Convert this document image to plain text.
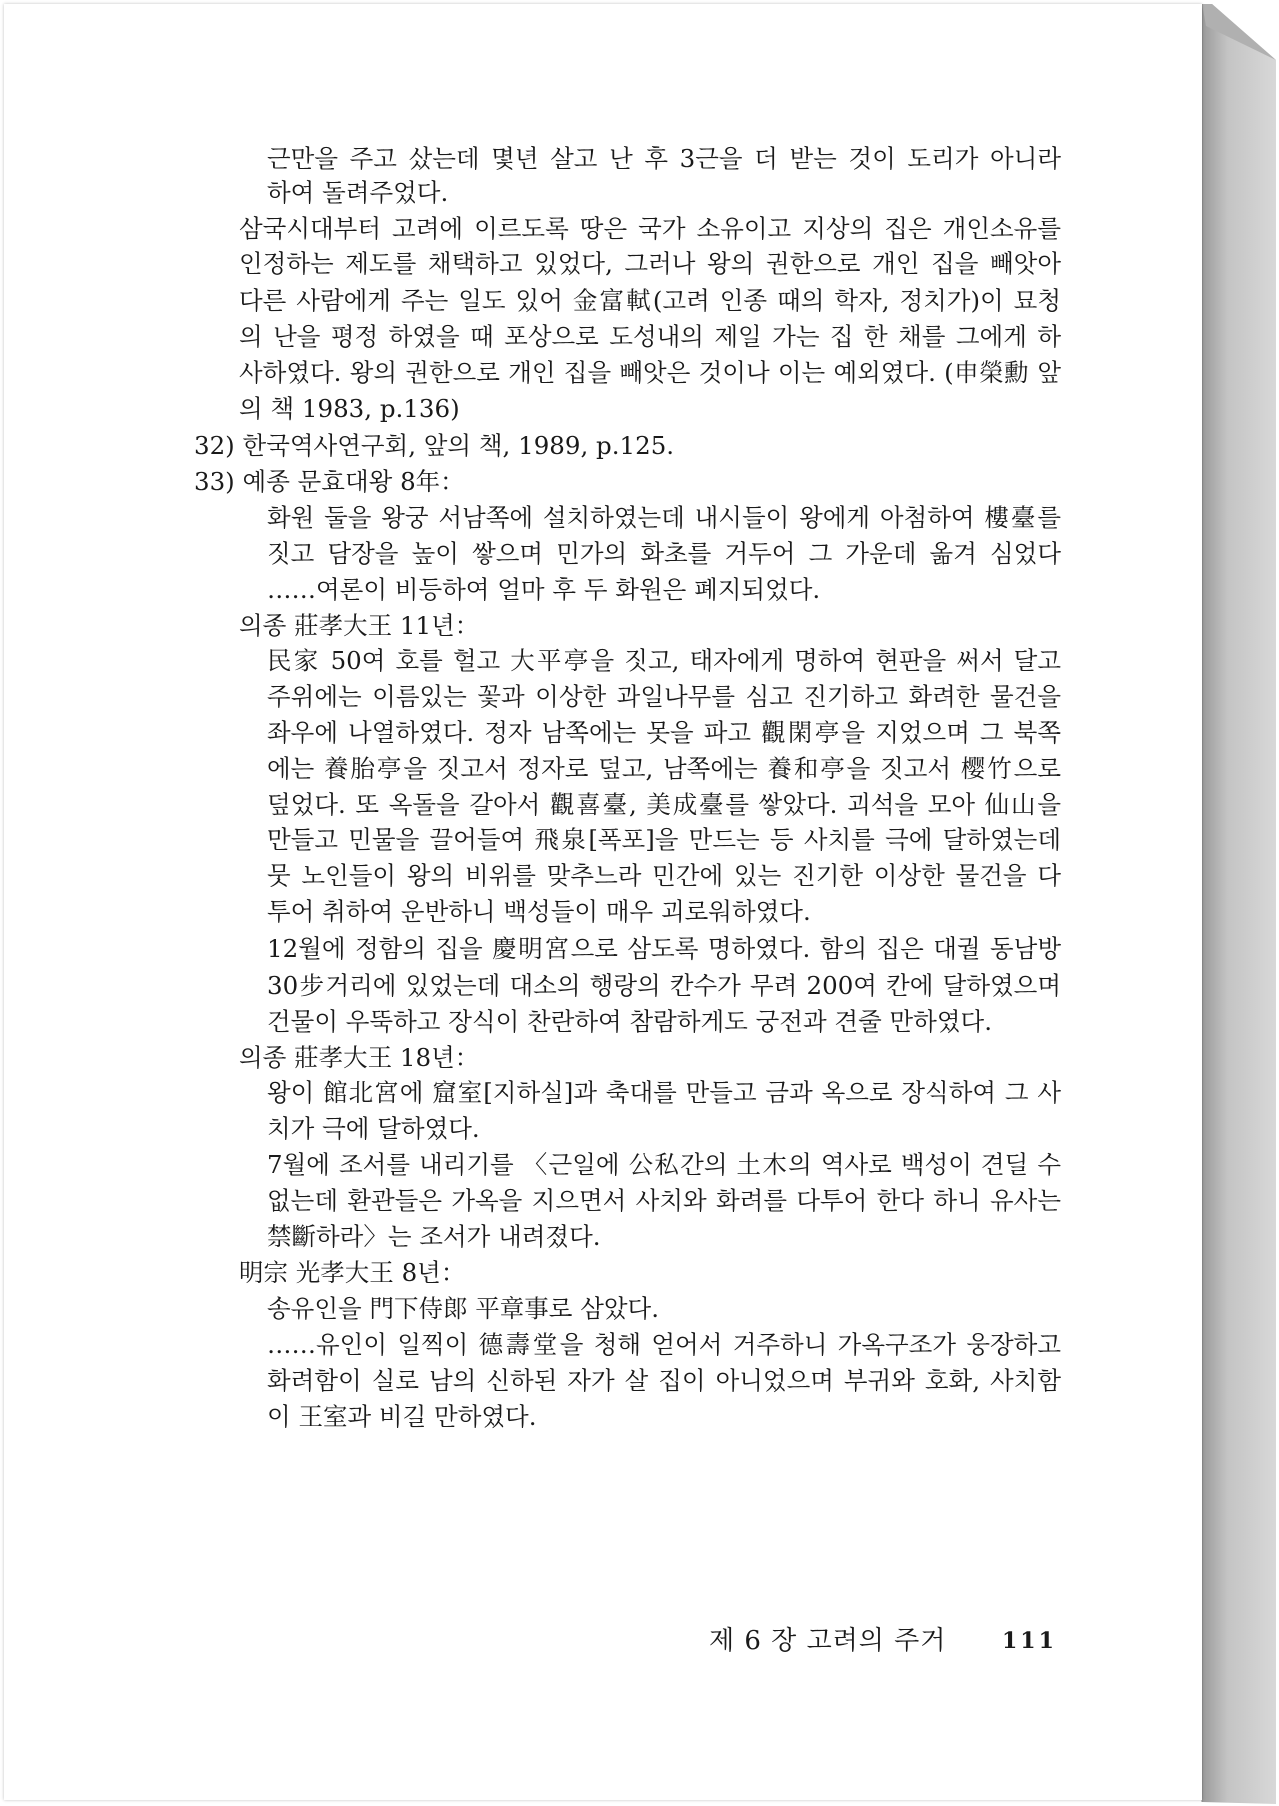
근만을 주고 샀는데 몇년 살고 난 후 3근을 더 받는 것이 도리가 아니라
하여 돌려주었다.
삼국시대부터 고려에 이르도록 땅은 국가 소유이고 지상의 집은 개인소유를
인정하는 제도를 채택하고 있었다, 그러나 왕의 권한으로 개인 집을 빼앗아
다른 사람에게 주는 일도 있어 金富軾(고려 인종 때의 학자, 정치가)이 묘청
의 난을 평정 하였을 때 포상으로 도성내의 제일 가는 집 한 채를 그에게 하
사하였다. 왕의 권한으로 개인 집을 빼앗은 것이나 이는 예외였다. (申榮勳 앞
의 책 1983, p.136)
32) 한국역사연구회, 앞의 책, 1989, p.125.
33) 예종 문효대왕 8年：
화원 둘을 왕궁 서남쪽에 설치하였는데 내시들이 왕에게 아첨하여 樓臺를
짓고 담장을 높이 쌓으며 민가의 화초를 거두어 그 가운데 옮겨 심었다
……여론이 비등하여 얼마 후 두 화원은 폐지되었다.
의종 莊孝大王 11년：
民家 50여 호를 헐고 大平亭을 짓고, 태자에게 명하여 현판을 써서 달고
주위에는 이름있는 꽃과 이상한 과일나무를 심고 진기하고 화려한 물건을
좌우에 나열하였다. 정자 남쪽에는 못을 파고 觀閑亭을 지었으며 그 북쪽
에는 養胎亭을 짓고서 정자로 덮고, 남쪽에는 養和亭을 짓고서 樱竹으로
덮었다. 또 옥돌을 갈아서 觀喜臺, 美成臺를 쌓았다. 괴석을 모아 仙山을
만들고 민물을 끌어들여 飛泉[폭포]을 만드는 등 사치를 극에 달하였는데
뭇 노인들이 왕의 비위를 맞추느라 민간에 있는 진기한 이상한 물건을 다
투어 취하여 운반하니 백성들이 매우 괴로워하였다.
12월에 정함의 집을 慶明宮으로 삼도록 명하였다. 함의 집은 대궐 동남방
30步거리에 있었는데 대소의 행랑의 칸수가 무려 200여 칸에 달하였으며
건물이 우뚝하고 장식이 찬란하여 참람하게도 궁전과 견줄 만하였다.
의종 莊孝大王 18년：
왕이 館北宮에 窟室[지하실]과 축대를 만들고 금과 옥으로 장식하여 그 사
치가 극에 달하였다.
7월에 조서를 내리기를 〈근일에 公私간의 土木의 역사로 백성이 견딜 수
없는데 환관들은 가옥을 지으면서 사치와 화려를 다투어 한다 하니 유사는
禁斷하라〉는 조서가 내려졌다.
明宗 光孝大王 8년：
송유인을 門下侍郞 平章事로 삼았다.
……유인이 일찍이 德壽堂을 청해 얻어서 거주하니 가옥구조가 웅장하고
화려함이 실로 남의 신하된 자가 살 집이 아니었으며 부귀와 호화, 사치함
이 王室과 비길 만하였다.
제 6 장 고려의 주거	111
